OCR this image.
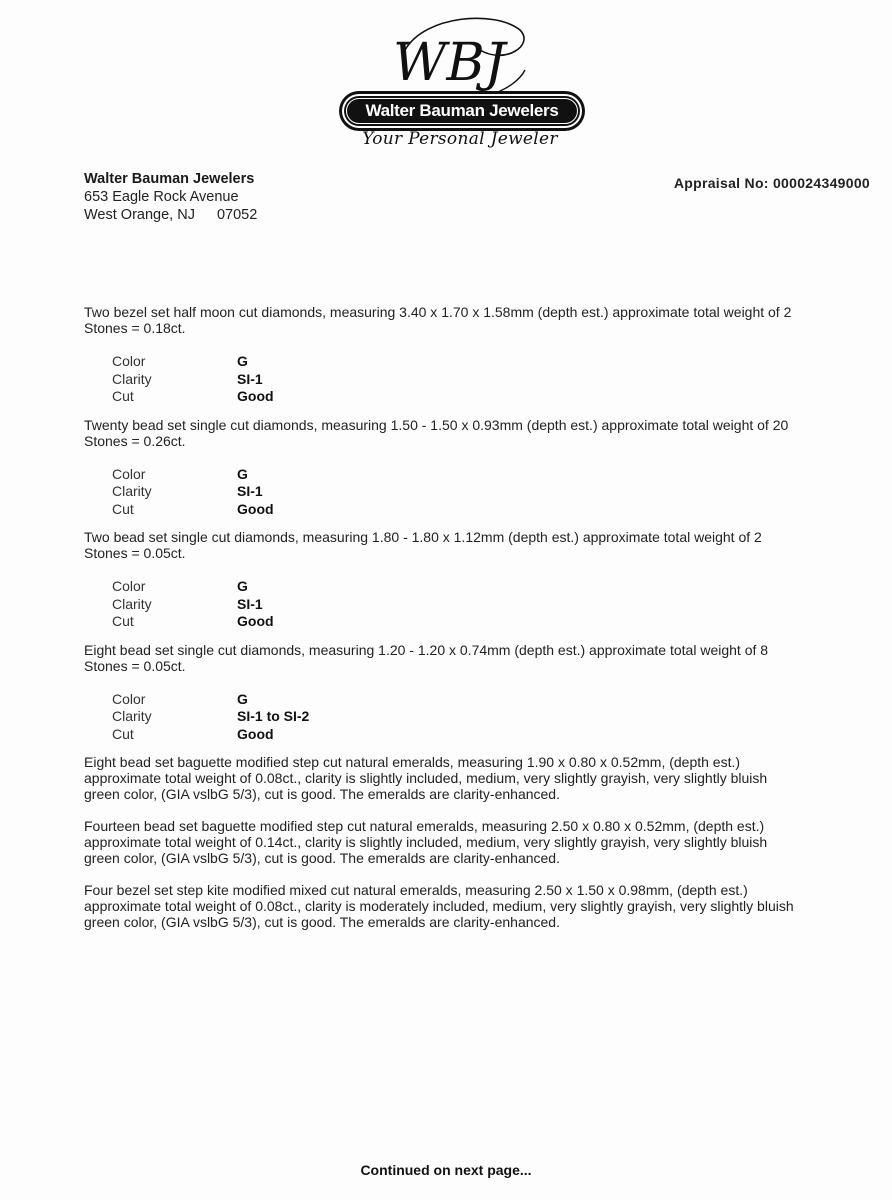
WBJ
Walter Bauman Jewelers
Your Personal Jeweler
Walter Bauman Jewelers
653 Eagle Rock Avenue
West Orange, NJ 07052
Appraisal No: 000024349000

Two bezel set half moon cut diamonds, measuring 3.40 x 1.70 x 1.58mm (depth est.) approximate total weight of 2 Stones = 0.18ct.

Color	G
Clarity	SI-1
Cut	Good

Twenty bead set single cut diamonds, measuring 1.50 - 1.50 x 0.93mm (depth est.) approximate total weight of 20 Stones = 0.26ct.

Color	G
Clarity	SI-1
Cut	Good

Two bead set single cut diamonds, measuring 1.80 - 1.80 x 1.12mm (depth est.) approximate total weight of 2 Stones = 0.05ct.

Color	G
Clarity	SI-1
Cut	Good

Eight bead set single cut diamonds, measuring 1.20 - 1.20 x 0.74mm (depth est.) approximate total weight of 8 Stones = 0.05ct.

Color	G
Clarity	SI-1 to SI-2
Cut	Good

Eight bead set baguette modified step cut natural emeralds, measuring 1.90 x 0.80 x 0.52mm, (depth est.) approximate total weight of 0.08ct., clarity is slightly included, medium, very slightly grayish, very slightly bluish green color, (GIA vslbG 5/3), cut is good. The emeralds are clarity-enhanced.

Fourteen bead set baguette modified step cut natural emeralds, measuring 2.50 x 0.80 x 0.52mm, (depth est.) approximate total weight of 0.14ct., clarity is slightly included, medium, very slightly grayish, very slightly bluish green color, (GIA vslbG 5/3), cut is good. The emeralds are clarity-enhanced.

Four bezel set step kite modified mixed cut natural emeralds, measuring 2.50 x 1.50 x 0.98mm, (depth est.) approximate total weight of 0.08ct., clarity is moderately included, medium, very slightly grayish, very slightly bluish green color, (GIA vslbG 5/3), cut is good. The emeralds are clarity-enhanced.

Continued on next page...
